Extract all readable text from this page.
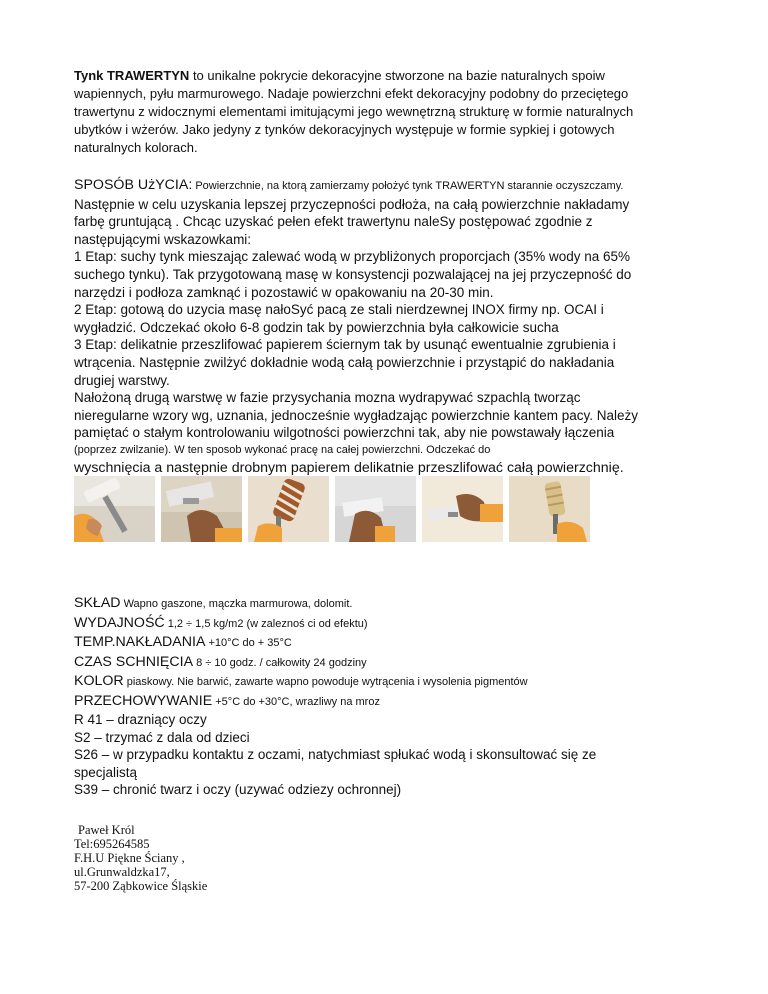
Tynk TRAWERTYN to unikalne pokrycie dekoracyjne stworzone na bazie naturalnych spoiw wapiennych, pyłu marmurowego. Nadaje powierzchni efekt dekoracyjny podobny do przeciętego trawertynu z widocznymi elementami imitującymi jego wewnętrzną strukturę w formie naturalnych ubytków i wżerów. Jako jedyny z tynków dekoracyjnych występuje w formie sypkiej i gotowych naturalnych kolorach.

SPOSÓB UżYCIA: Powierzchnie, na ktorą zamierzamy położyć tynk TRAWERTYN starannie oczyszczamy.
Następnie w celu uzyskania lepszej przyczepności podłoża, na całą powierzchnie nakładamy
farbę gruntującą . Chcąc uzyskać pełen efekt trawertynu naleSy postępować zgodnie z
następującymi wskazowkami:
1 Etap: suchy tynk mieszając zalewać wodą w przybliżonych proporcjach (35% wody na 65%
suchego tynku). Tak przygotowaną masę w konsystencji pozwalającej na jej przyczepność do
narzędzi i podłoza zamknąć i pozostawić w opakowaniu na 20-30 min.
2 Etap: gotową do uzycia masę nałoSyć pacą ze stali nierdzewnej INOX firmy np. OCAI i
wygładzić. Odczekać około 6-8 godzin tak by powierzchnia była całkowicie sucha
3 Etap: delikatnie przeszlifować papierem ściernym tak by usunąć ewentualnie zgrubienia i
wtrącenia. Następnie zwilżyć dokładnie wodą całą powierzchnie i przystąpić do nakładania
drugiej warstwy.
Nałożoną drugą warstwę w fazie przysychania mozna wydrapywać szpachlą tworząc
nieregularne wzory wg, uznania, jednocześnie wygładzając powierzchnie kantem pacy. Należy
pamiętać o stałym kontrolowaniu wilgotności powierzchni tak, aby nie powstawały łączenia
(poprzez zwilzanie). W ten sposob wykonać pracę na całej powierzchni. Odczekać do
wyschnięcia a następnie drobnym papierem delikatnie przeszlifować całą powierzchnię.
SKŁAD Wapno gaszone, mączka marmurowa, dolomit.
WYDAJNOŚĆ 1,2 ÷ 1,5 kg/m2 (w zaleznoś ci od efektu)
TEMP.NAKŁADANIA +10°C do + 35°C
CZAS SCHNIĘCIA 8 ÷ 10 godz. / całkowity 24 godziny
KOLOR piaskowy. Nie barwić, zawarte wapno powoduje wytrącenia i wysolenia pigmentów
PRZECHOWYWANIE +5°C do +30°C, wrazliwy na mroz
R 41 – drazniący oczy
S2 – trzymać z dala od dzieci
S26 – w przypadku kontaktu z oczami, natychmiast spłukać wodą i skonsultować się ze
specjalistą
S39 – chronić twarz i oczy (uzywać odziezy ochronnej)
Paweł Król
Tel:695264585
F.H.U Piękne Ściany ,
ul.Grunwaldzka17,
57-200 Ząbkowice Śląskie
